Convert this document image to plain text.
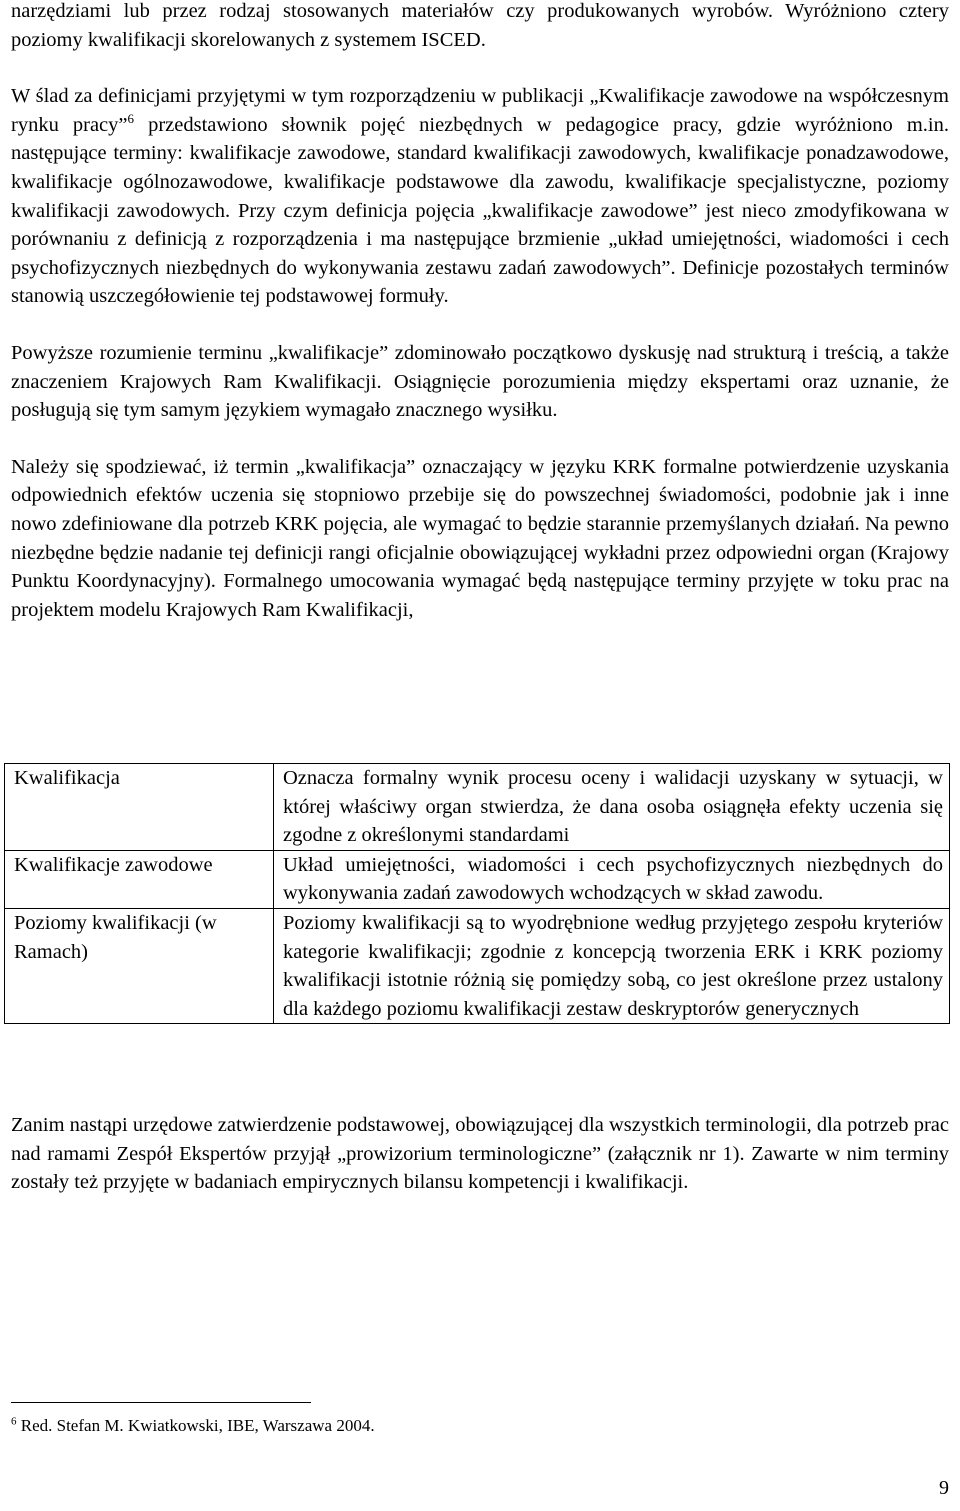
narzędziami lub przez rodzaj stosowanych materiałów czy produkowanych wyrobów. Wyróżniono cztery poziomy kwalifikacji skorelowanych z systemem ISCED.

W ślad za definicjami przyjętymi w tym rozporządzeniu w publikacji „Kwalifikacje zawodowe na współczesnym rynku pracy”$^6$ przedstawiono słownik pojęć niezbędnych w pedagogice pracy, gdzie wyróżniono m.in. następujące terminy: kwalifikacje zawodowe, standard kwalifikacji zawodowych, kwalifikacje ponadzawodowe, kwalifikacje ogólnozawodowe, kwalifikacje podstawowe dla zawodu, kwalifikacje specjalistyczne, poziomy kwalifikacji zawodowych. Przy czym definicja pojęcia „kwalifikacje zawodowe” jest nieco zmodyfikowana w porównaniu z definicją z rozporządzenia i ma następujące brzmienie „układ umiejętności, wiadomości i cech psychofizycznych niezbędnych do wykonywania zestawu zadań zawodowych”. Definicje pozostałych terminów stanowią uszczegółowienie tej podstawowej formuły.

Powyższe rozumienie terminu „kwalifikacje” zdominowało początkowo dyskusję nad strukturą i treścią, a także znaczeniem Krajowych Ram Kwalifikacji. Osiągnięcie porozumienia między ekspertami oraz uznanie, że posługują się tym samym językiem wymagało znacznego wysiłku.

Należy się spodziewać, iż termin „kwalifikacja” oznaczający w języku KRK formalne potwierdzenie uzyskania odpowiednich efektów uczenia się stopniowo przebije się do powszechnej świadomości, podobnie jak i inne nowo zdefiniowane dla potrzeb KRK pojęcia, ale wymagać to będzie starannie przemyślanych działań. Na pewno niezbędne będzie nadanie tej definicji rangi oficjalnie obowiązującej wykładni przez odpowiedni organ (Krajowy Punktu Koordynacyjny). Formalnego umocowania wymagać będą następujące terminy przyjęte w toku prac na projektem modelu Krajowych Ram Kwalifikacji,

Kwalifikacja	Oznacza formalny wynik procesu oceny i walidacji uzyskany w sytuacji, w której właściwy organ stwierdza, że dana osoba osiągnęła efekty uczenia się zgodne z określonymi standardami
Kwalifikacje zawodowe	Układ umiejętności, wiadomości i cech psychofizycznych niezbędnych do wykonywania zadań zawodowych wchodzących w skład zawodu.
Poziomy kwalifikacji (w Ramach)	Poziomy kwalifikacji są to wyodrębnione według przyjętego zespołu kryteriów kategorie kwalifikacji; zgodnie z koncepcją tworzenia ERK i KRK poziomy kwalifikacji istotnie różnią się pomiędzy sobą, co jest określone przez ustalony dla każdego poziomu kwalifikacji zestaw deskryptorów generycznych

Zanim nastąpi urzędowe zatwierdzenie podstawowej, obowiązującej dla wszystkich terminologii, dla potrzeb prac nad ramami Zespół Ekspertów przyjął „prowizorium terminologiczne” (załącznik nr 1). Zawarte w nim terminy zostały też przyjęte w badaniach empirycznych bilansu kompetencji i kwalifikacji.

$^6$ Red. Stefan M. Kwiatkowski, IBE, Warszawa 2004.
9
